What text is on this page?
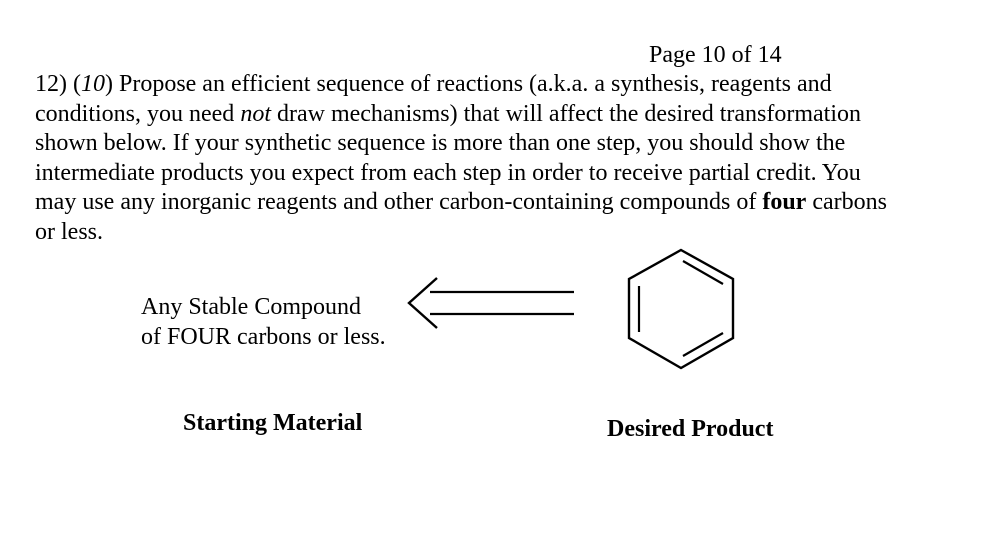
Page 10 of 14
12) (10) Propose an efficient sequence of reactions (a.k.a. a synthesis, reagents and
conditions, you need not draw mechanisms) that will affect the desired transformation
shown below. If your synthetic sequence is more than one step, you should show the
intermediate products you expect from each step in order to receive partial credit. You
may use any inorganic reagents and other carbon-containing compounds of four carbons
or less.
Any Stable Compound
of FOUR carbons or less.
Starting Material	Desired Product
